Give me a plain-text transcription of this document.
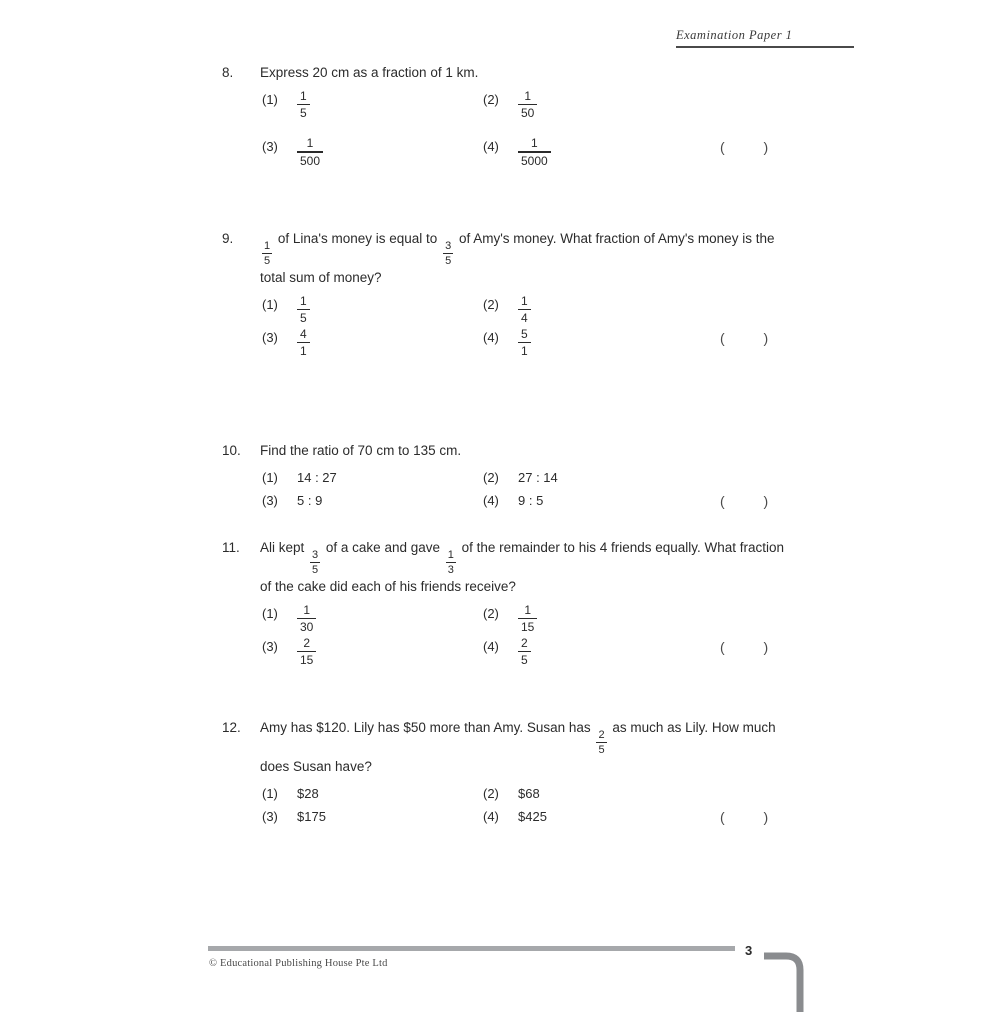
Examination Paper 1
8.	Express 20 cm as a fraction of 1 km.
(1)	$\frac{1}{5}$	(2)	$\frac{1}{50}$
(3)	$\frac{1}{500}$	(4)	$\frac{1}{5000}$	(          )
9.
$\frac{1}{5}$
of Lina's money is equal to
$\frac{3}{5}$
of Amy's money. What fraction of Amy's money is the total sum of money?
(1)	$\frac{1}{5}$	(2)	$\frac{1}{4}$
(3)	$\frac{4}{1}$	(4)	$\frac{5}{1}$	(          )
10.	Find the ratio of 70 cm to 135 cm.
(1)	14 : 27	(2)	27 : 14
(3)	5 : 9	(4)	9 : 5	(          )
11.	Ali kept
$\frac{3}{5}$
of a cake and gave
$\frac{1}{3}$
of the remainder to his 4 friends equally. What fraction of the cake did each of his friends receive?
(1)	$\frac{1}{30}$	(2)	$\frac{1}{15}$
(3)	$\frac{2}{15}$	(4)	$\frac{2}{5}$	(          )
12.	Amy has $120. Lily has $50 more than Amy. Susan has
$\frac{2}{5}$
as much as Lily. How much does Susan have?
(1)	$28	(2)	$68
(3)	$175	(4)	$425	(          )
© Educational Publishing House Pte Ltd
3
